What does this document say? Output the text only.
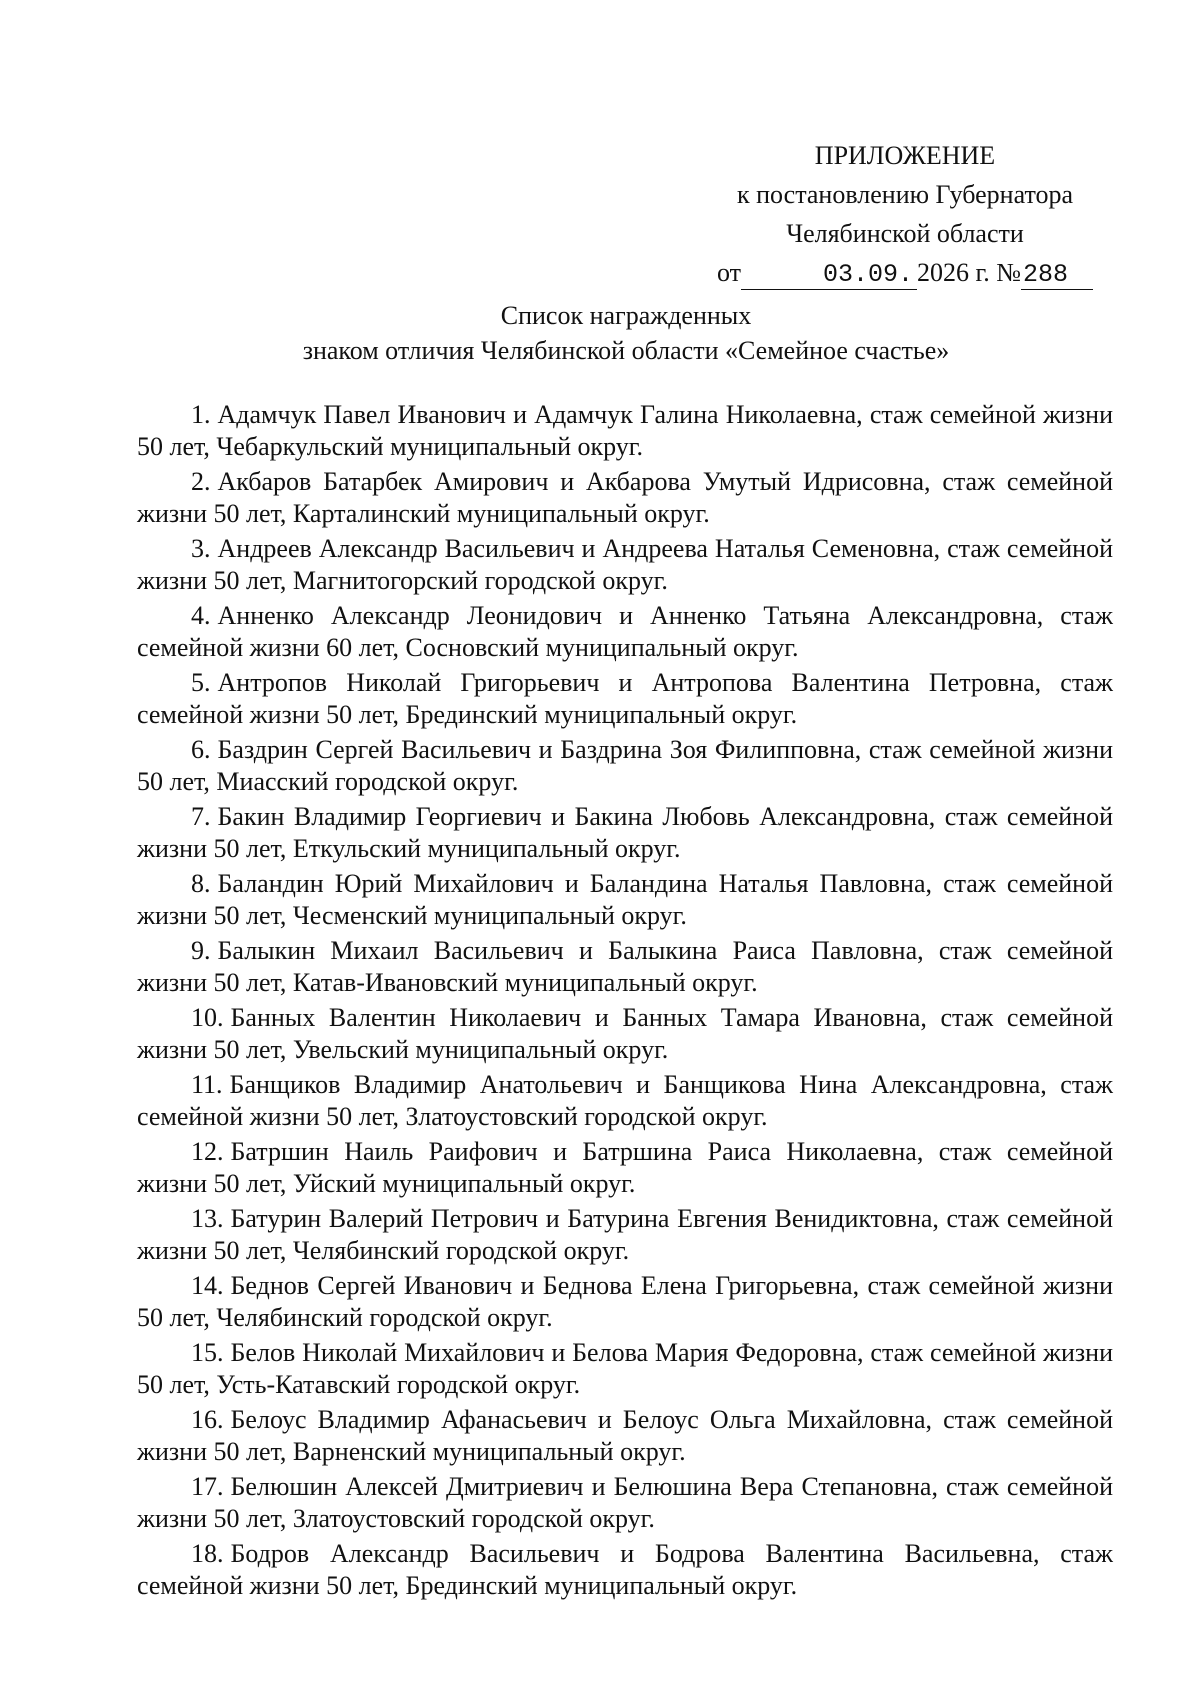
ПРИЛОЖЕНИЕ
к постановлению Губернатора
Челябинской области
от	03.09. 2026 г. №288
Список награжденных
знаком отличия Челябинской области «Семейное счастье»

1. Адамчук Павел Иванович и Адамчук Галина Николаевна, стаж семейной жизни 50 лет, Чебаркульский муниципальный округ.

2. Акбаров Батарбек Амирович и Акбарова Умутый Идрисовна, стаж семейной жизни 50 лет, Карталинский муниципальный округ.

3. Андреев Александр Васильевич и Андреева Наталья Семеновна, стаж семейной жизни 50 лет, Магнитогорский городской округ.

4. Анненко Александр Леонидович и Анненко Татьяна Александровна, стаж семейной жизни 60 лет, Сосновский муниципальный округ.

5. Антропов Николай Григорьевич и Антропова Валентина Петровна, стаж семейной жизни 50 лет, Брединский муниципальный округ.

6. Баздрин Сергей Васильевич и Баздрина Зоя Филипповна, стаж семейной жизни 50 лет, Миасский городской округ.

7. Бакин Владимир Георгиевич и Бакина Любовь Александровна, стаж семейной жизни 50 лет, Еткульский муниципальный округ.

8. Баландин Юрий Михайлович и Баландина Наталья Павловна, стаж семейной жизни 50 лет, Чесменский муниципальный округ.

9. Балыкин Михаил Васильевич и Балыкина Раиса Павловна, стаж семейной жизни 50 лет, Катав-Ивановский муниципальный округ.

10. Банных Валентин Николаевич и Банных Тамара Ивановна, стаж семейной жизни 50 лет, Увельский муниципальный округ.

11. Банщиков Владимир Анатольевич и Банщикова Нина Александровна, стаж семейной жизни 50 лет, Златоустовский городской округ.

12. Батршин Наиль Раифович и Батршина Раиса Николаевна, стаж семейной жизни 50 лет, Уйский муниципальный округ.

13. Батурин Валерий Петрович и Батурина Евгения Венидиктовна, стаж семейной жизни 50 лет, Челябинский городской округ.

14. Беднов Сергей Иванович и Беднова Елена Григорьевна, стаж семейной жизни 50 лет, Челябинский городской округ.

15. Белов Николай Михайлович и Белова Мария Федоровна, стаж семейной жизни 50 лет, Усть-Катавский городской округ.

16. Белоус Владимир Афанасьевич и Белоус Ольга Михайловна, стаж семейной жизни 50 лет, Варненский муниципальный округ.

17. Белюшин Алексей Дмитриевич и Белюшина Вера Степановна, стаж семейной жизни 50 лет, Златоустовский городской округ.

18. Бодров Александр Васильевич и Бодрова Валентина Васильевна, стаж семейной жизни 50 лет, Брединский муниципальный округ.
